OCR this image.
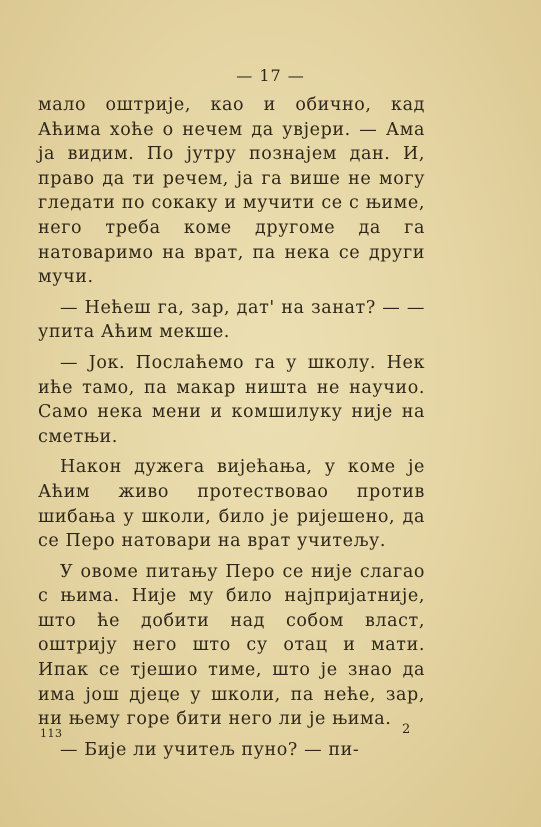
— 17 —

мало оштрије, као и обично, кад Аћима хоће о нечем да увјери. — Ама ја видим. По јутру познајем дан. И, право да ти речем, ја га више не могу гледати по сокаку и мучити се с њиме, него треба коме другоме да га натоваримо на врат, па нека се други мучи.

— Нећеш га, зар, дат' на занат? — — упита Аћим мекше.

— Јок. Послаћемо га у школу. Нек иће тамо, па макар ништа не научио. Само нека мени и комшилуку није на сметњи.

Након дужега вијећања, у коме је Аћим живо протествовао против шибања у школи, било је ријешено, да се Перо натовари на врат учитељу.

У овоме питању Перо се није слагао с њима. Није му било најпријатније, што ће добити над собом власт, оштрију него што су отац и мати. Ипак се тјешио тиме, што је знао да има још дјеце у школи, па неће, зар, ни њему горе бити него ли је њима.

— Бије ли учитељ пуно? — пи-

113	2
